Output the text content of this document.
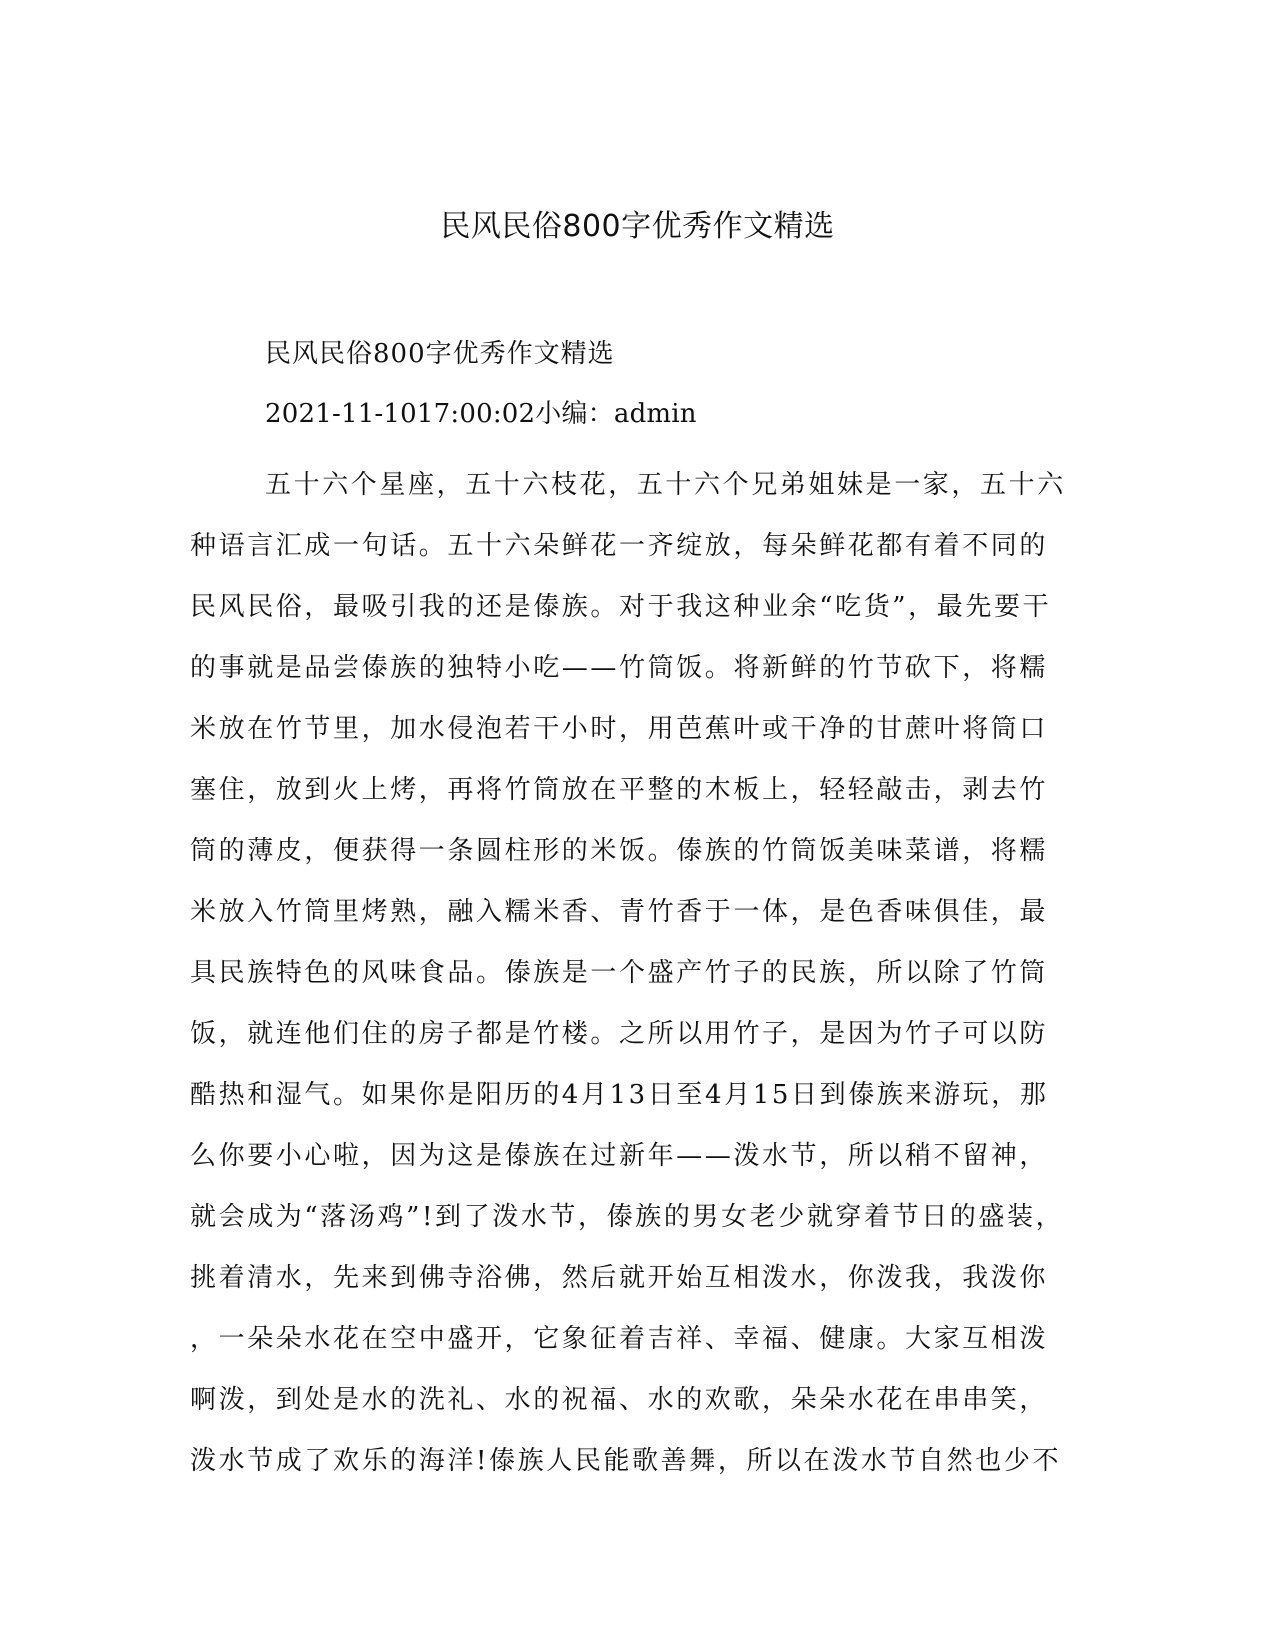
民风民俗800字优秀作文精选
民风民俗800字优秀作文精选
2021-11-1017:00:02小编：admin
五十六个星座，五十六枝花，五十六个兄弟姐妹是一家，五十六
种语言汇成一句话。五十六朵鲜花一齐绽放，每朵鲜花都有着不同的
民风民俗，最吸引我的还是傣族。对于我这种业余“吃货”，最先要干
的事就是品尝傣族的独特小吃——竹筒饭。将新鲜的竹节砍下，将糯
米放在竹节里，加水侵泡若干小时，用芭蕉叶或干净的甘蔗叶将筒口
塞住，放到火上烤，再将竹筒放在平整的木板上，轻轻敲击，剥去竹
筒的薄皮，便获得一条圆柱形的米饭。傣族的竹筒饭美味菜谱，将糯
米放入竹筒里烤熟，融入糯米香、青竹香于一体，是色香味俱佳，最
具民族特色的风味食品。傣族是一个盛产竹子的民族，所以除了竹筒
饭，就连他们住的房子都是竹楼。之所以用竹子，是因为竹子可以防
酷热和湿气。如果你是阳历的4月13日至4月15日到傣族来游玩，那
么你要小心啦，因为这是傣族在过新年——泼水节，所以稍不留神，
就会成为“落汤鸡”!到了泼水节，傣族的男女老少就穿着节日的盛装，
挑着清水，先来到佛寺浴佛，然后就开始互相泼水，你泼我，我泼你
，一朵朵水花在空中盛开，它象征着吉祥、幸福、健康。大家互相泼
啊泼，到处是水的洗礼、水的祝福、水的欢歌，朵朵水花在串串笑，
泼水节成了欢乐的海洋!傣族人民能歌善舞，所以在泼水节自然也少不
